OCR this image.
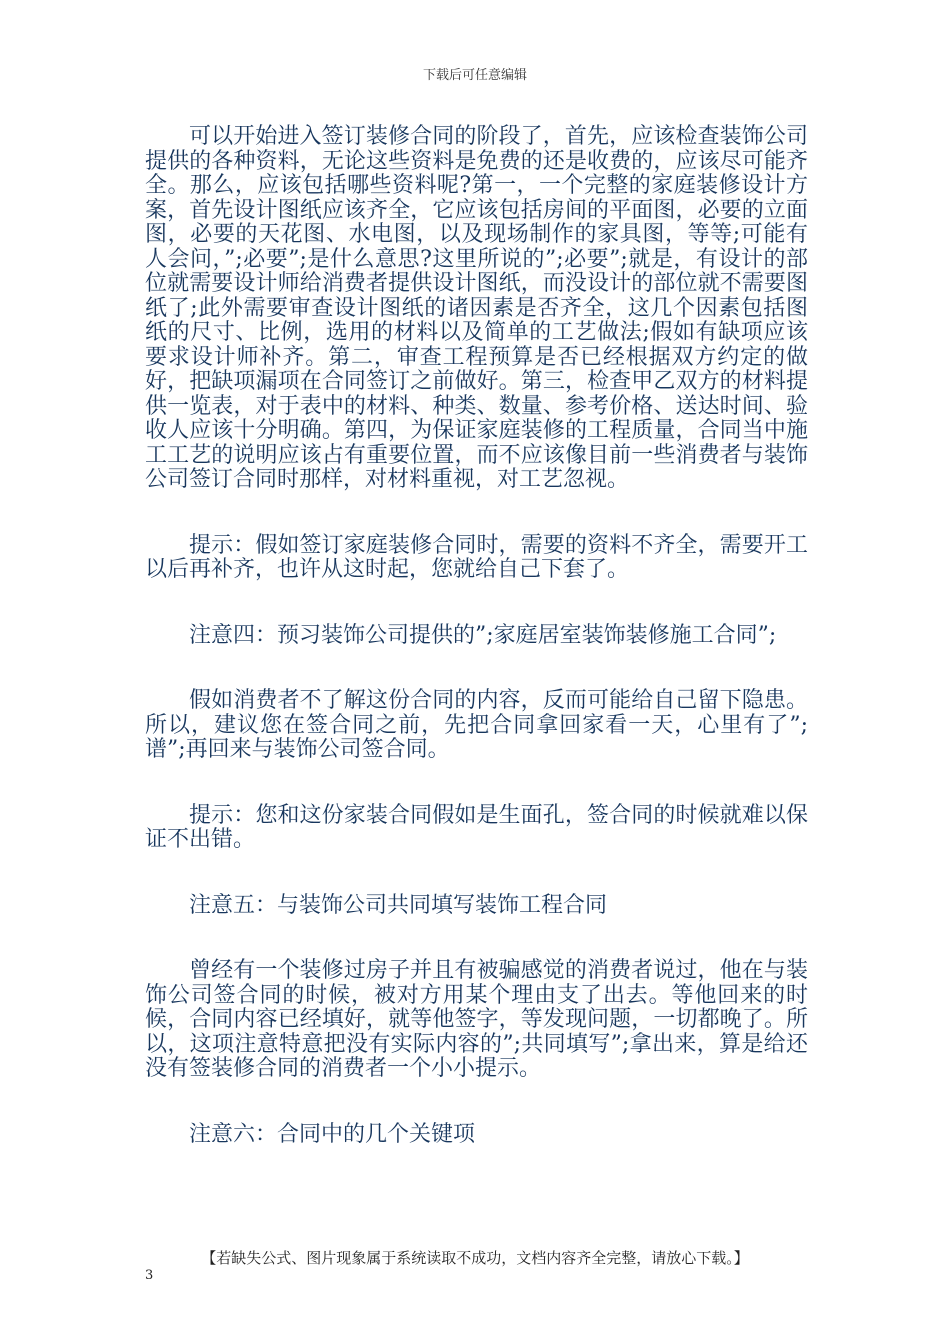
下载后可任意编辑

可以开始进入签订装修合同的阶段了，首先，应该检查装饰公司提供的各种资料，无论这些资料是免费的还是收费的，应该尽可能齐全。那么，应该包括哪些资料呢?第一，一个完整的家庭装修设计方案，首先设计图纸应该齐全，它应该包括房间的平面图，必要的立面图，必要的天花图、水电图，以及现场制作的家具图，等等;可能有人会问，”;必要”;是什么意思?这里所说的”;必要”;就是，有设计的部位就需要设计师给消费者提供设计图纸，而没设计的部位就不需要图纸了;此外需要审查设计图纸的诸因素是否齐全，这几个因素包括图纸的尺寸、比例，选用的材料以及简单的工艺做法;假如有缺项应该要求设计师补齐。第二，审查工程预算是否已经根据双方约定的做好，把缺项漏项在合同签订之前做好。第三，检查甲乙双方的材料提供一览表，对于表中的材料、种类、数量、参考价格、送达时间、验收人应该十分明确。第四，为保证家庭装修的工程质量，合同当中施工工艺的说明应该占有重要位置，而不应该像目前一些消费者与装饰公司签订合同时那样，对材料重视，对工艺忽视。

提示：假如签订家庭装修合同时，需要的资料不齐全，需要开工以后再补齐，也许从这时起，您就给自己下套了。

注意四：预习装饰公司提供的”;家庭居室装饰装修施工合同”;

假如消费者不了解这份合同的内容，反而可能给自己留下隐患。所以，建议您在签合同之前，先把合同拿回家看一天，心里有了”;谱”;再回来与装饰公司签合同。

提示：您和这份家装合同假如是生面孔，签合同的时候就难以保证不出错。

注意五：与装饰公司共同填写装饰工程合同

曾经有一个装修过房子并且有被骗感觉的消费者说过，他在与装饰公司签合同的时候，被对方用某个理由支了出去。等他回来的时候，合同内容已经填好，就等他签字，等发现问题，一切都晚了。所以，这项注意特意把没有实际内容的”;共同填写”;拿出来，算是给还没有签装修合同的消费者一个小小提示。

注意六：合同中的几个关键项

【若缺失公式、图片现象属于系统读取不成功，文档内容齐全完整，请放心下载。】
3
